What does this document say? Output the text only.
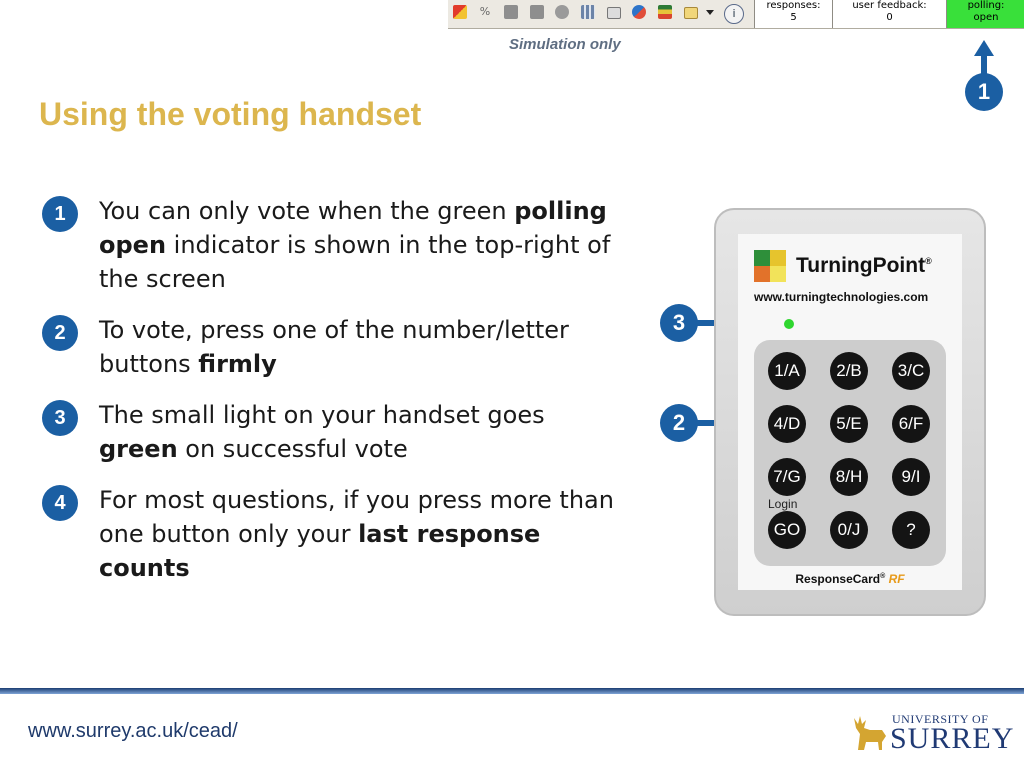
%	i
responses:
5
user feedback:
0
polling:
open
Simulation only
1
Using the voting handset
1	You can only vote when the green polling open indicator is shown in the top-right of the screen
2	To vote, press one of the number/letter buttons firmly
3	The small light on your handset goes green on successful vote
4	For most questions, if you press more than one button only your last response counts
3
2
TurningPoint®
www.turningtechnologies.com
1/A	2/B	3/C
4/D	5/E	6/F
7/G	8/H	9/I
Login
GO	0/J	?
ResponseCard® RF
www.surrey.ac.uk/cead/
UNIVERSITY OF
SURREY
